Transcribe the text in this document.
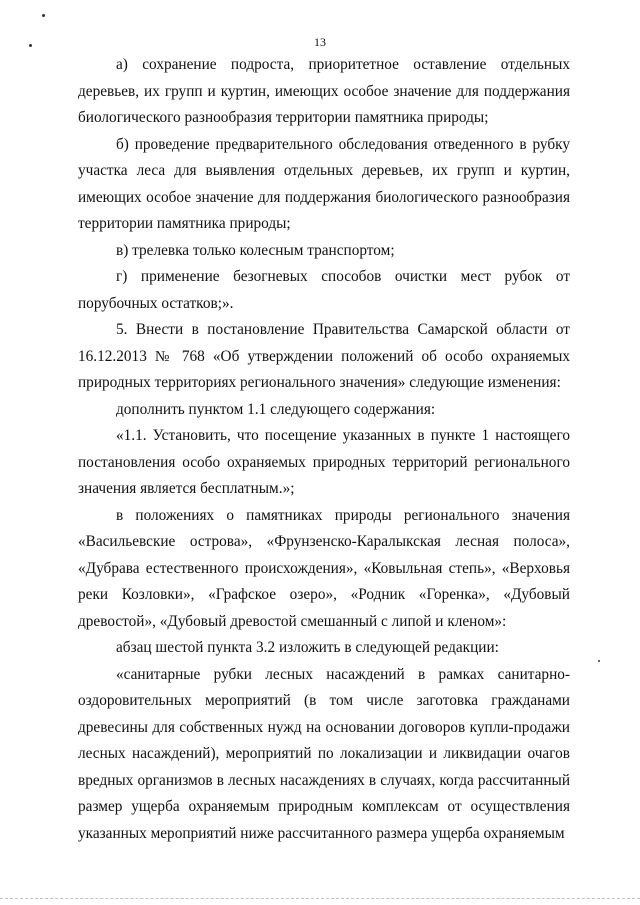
13

а) сохранение подроста, приоритетное оставление отдельных деревьев, их групп и куртин, имеющих особое значение для поддержания биологического разнообразия территории памятника природы;

б) проведение предварительного обследования отведенного в рубку участка леса для выявления отдельных деревьев, их групп и куртин, имеющих особое значение для поддержания биологического разнообразия территории памятника природы;

в) трелевка только колесным транспортом;

г) применение безогневых способов очистки мест рубок от порубочных остатков;».

5. Внести в постановление Правительства Самарской области от 16.12.2013 № 768 «Об утверждении положений об особо охраняемых природных территориях регионального значения» следующие изменения:

дополнить пунктом 1.1 следующего содержания:

«1.1. Установить, что посещение указанных в пункте 1 настоящего постановления особо охраняемых природных территорий регионального значения является бесплатным.»;

в положениях о памятниках природы регионального значения «Васильевские острова», «Фрунзенско-Каралыкская лесная полоса», «Дубрава естественного происхождения», «Ковыльная степь», «Верховья реки Козловки», «Графское озеро», «Родник «Горенка», «Дубовый древостой», «Дубовый древостой смешанный с липой и кленом»:

абзац шестой пункта 3.2 изложить в следующей редакции:

«санитарные рубки лесных насаждений в рамках санитарно-оздоровительных мероприятий (в том числе заготовка гражданами древесины для собственных нужд на основании договоров купли-продажи лесных насаждений), мероприятий по локализации и ликвидации очагов вредных организмов в лесных насаждениях в случаях, когда рассчитанный размер ущерба охраняемым природным комплексам от осуществления указанных мероприятий ниже рассчитанного размера ущерба охраняемым
